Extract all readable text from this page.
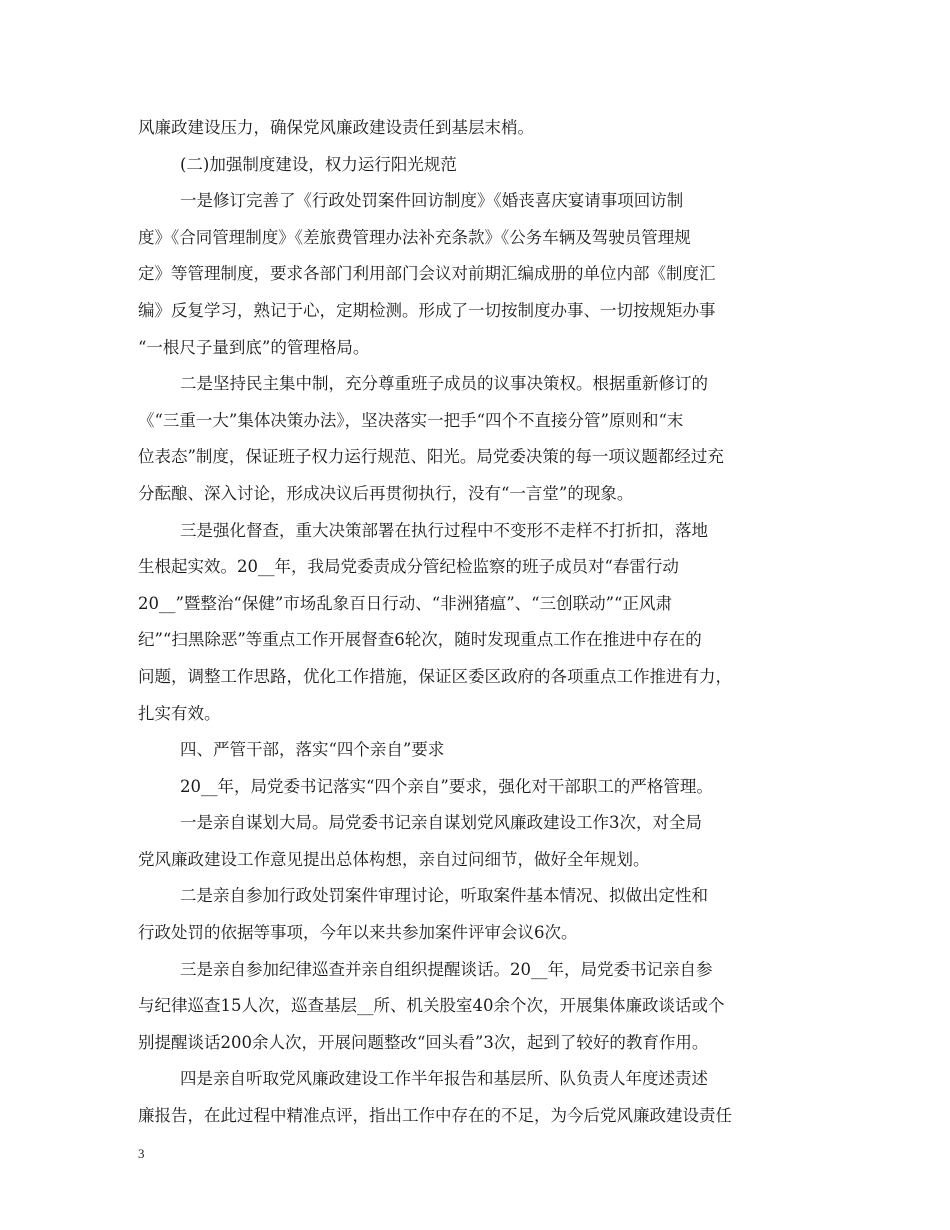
风廉政建设压力，确保党风廉政建设责任到基层末梢。

(二)加强制度建设，权力运行阳光规范

一是修订完善了《行政处罚案件回访制度》《婚丧喜庆宴请事项回访制

度》《合同管理制度》《差旅费管理办法补充条款》《公务车辆及驾驶员管理规

定》等管理制度，要求各部门利用部门会议对前期汇编成册的单位内部《制度汇

编》反复学习，熟记于心，定期检测。形成了一切按制度办事、一切按规矩办事

“一根尺子量到底”的管理格局。

二是坚持民主集中制，充分尊重班子成员的议事决策权。根据重新修订的

《“三重一大”集体决策办法》，坚决落实一把手“四个不直接分管”原则和“末

位表态”制度，保证班子权力运行规范、阳光。局党委决策的每一项议题都经过充

分酝酿、深入讨论，形成决议后再贯彻执行，没有“一言堂”的现象。

三是强化督查，重大决策部署在执行过程中不变形不走样不打折扣，落地

生根起实效。20__年，我局党委责成分管纪检监察的班子成员对“春雷行动

20__”暨整治“保健”市场乱象百日行动、“非洲猪瘟”、“三创联动”“正风肃

纪”“扫黑除恶”等重点工作开展督查6轮次，随时发现重点工作在推进中存在的

问题，调整工作思路，优化工作措施，保证区委区政府的各项重点工作推进有力，

扎实有效。

四、严管干部，落实“四个亲自”要求

20__年，局党委书记落实“四个亲自”要求，强化对干部职工的严格管理。

一是亲自谋划大局。局党委书记亲自谋划党风廉政建设工作3次，对全局

党风廉政建设工作意见提出总体构想，亲自过问细节，做好全年规划。

二是亲自参加行政处罚案件审理讨论，听取案件基本情况、拟做出定性和

行政处罚的依据等事项，今年以来共参加案件评审会议6次。

三是亲自参加纪律巡查并亲自组织提醒谈话。20__年，局党委书记亲自参

与纪律巡查15人次，巡查基层__所、机关股室40余个次，开展集体廉政谈话或个

别提醒谈话200余人次，开展问题整改“回头看”3次，起到了较好的教育作用。

四是亲自听取党风廉政建设工作半年报告和基层所、队负责人年度述责述

廉报告，在此过程中精准点评，指出工作中存在的不足，为今后党风廉政建设责任

3
